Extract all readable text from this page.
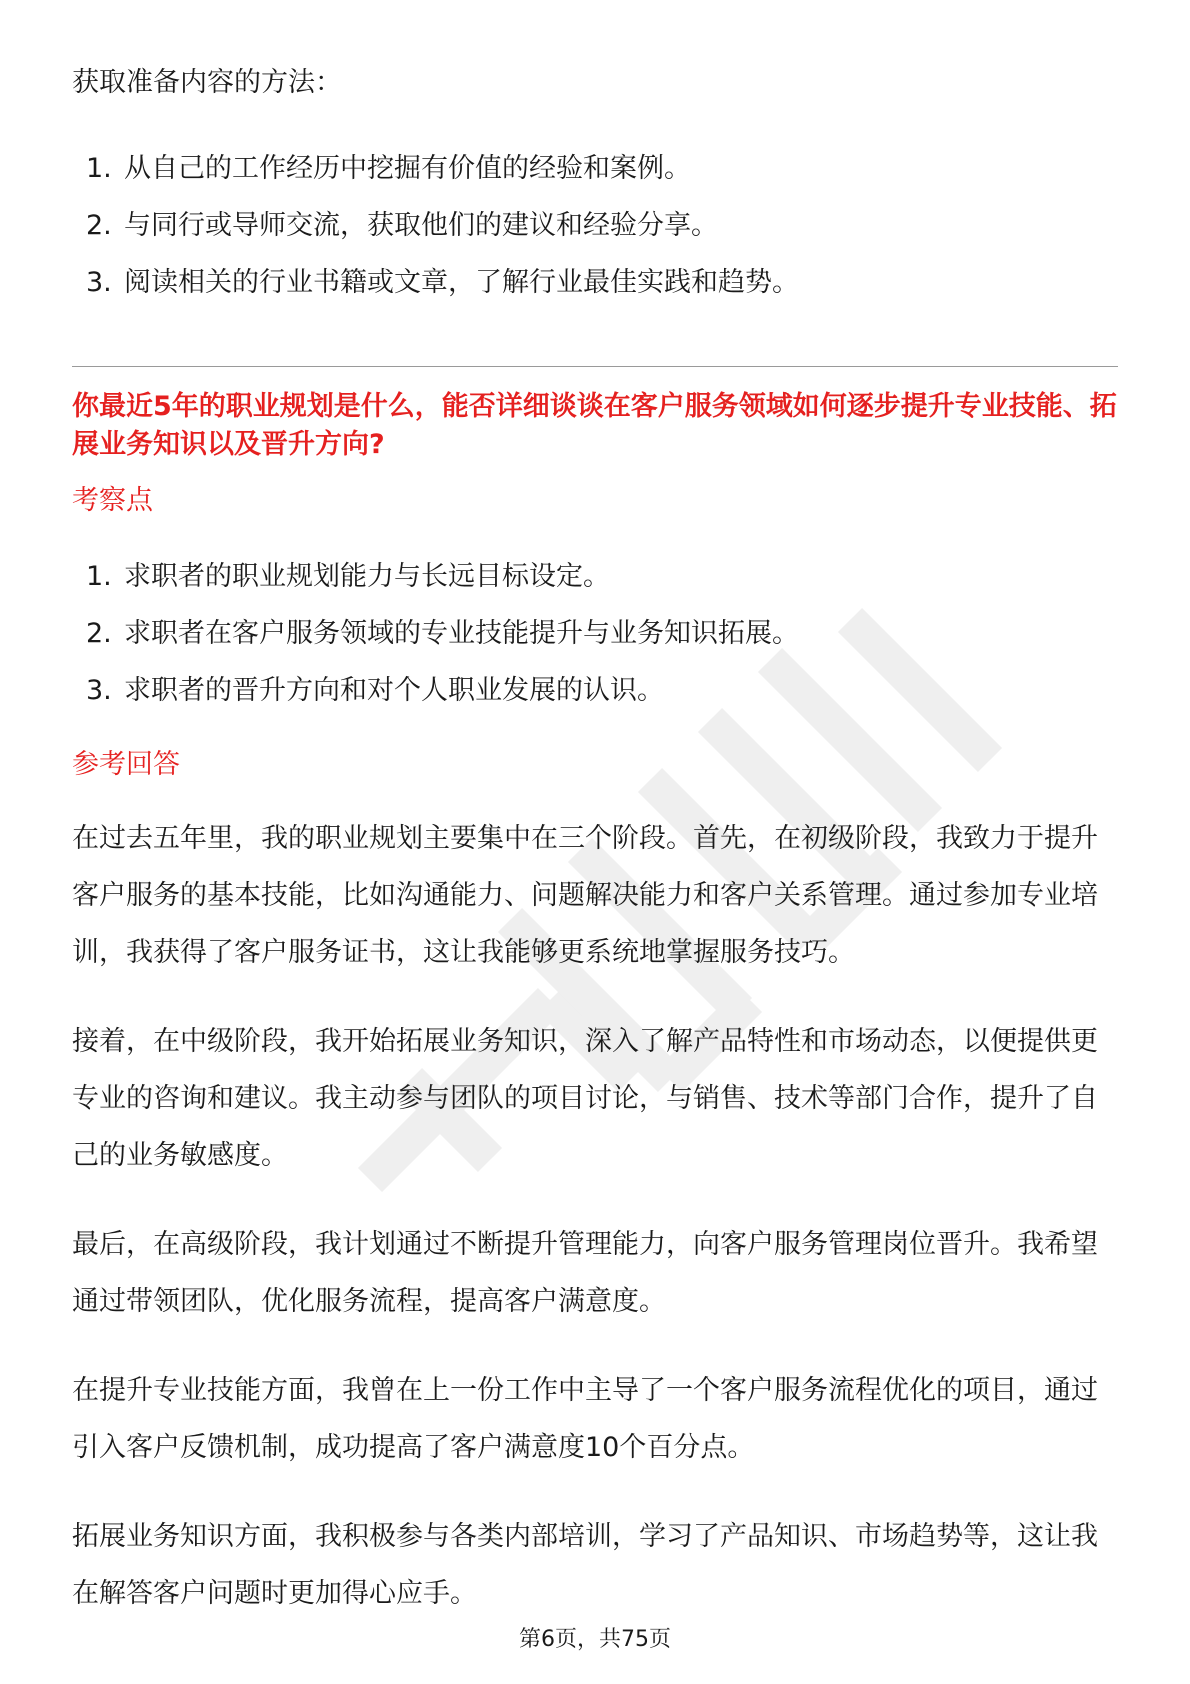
获取准备内容的方法：

1. 从自己的工作经历中挖掘有价值的经验和案例。
2. 与同行或导师交流，获取他们的建议和经验分享。
3. 阅读相关的行业书籍或文章，了解行业最佳实践和趋势。
你最近5年的职业规划是什么，能否详细谈谈在客户服务领域如何逐步提升专业技能、拓展业务知识以及晋升方向?
考察点
1. 求职者的职业规划能力与长远目标设定。
2. 求职者在客户服务领域的专业技能提升与业务知识拓展。
3. 求职者的晋升方向和对个人职业发展的认识。
参考回答

在过去五年里，我的职业规划主要集中在三个阶段。首先，在初级阶段，我致力于提升客户服务的基本技能，比如沟通能力、问题解决能力和客户关系管理。通过参加专业培训，我获得了客户服务证书，这让我能够更系统地掌握服务技巧。

接着，在中级阶段，我开始拓展业务知识，深入了解产品特性和市场动态，以便提供更专业的咨询和建议。我主动参与团队的项目讨论，与销售、技术等部门合作，提升了自己的业务敏感度。

最后，在高级阶段，我计划通过不断提升管理能力，向客户服务管理岗位晋升。我希望通过带领团队，优化服务流程，提高客户满意度。

在提升专业技能方面，我曾在上一份工作中主导了一个客户服务流程优化的项目，通过引入客户反馈机制，成功提高了客户满意度10个百分点。

拓展业务知识方面，我积极参与各类内部培训，学习了产品知识、市场趋势等，这让我在解答客户问题时更加得心应手。

第6页，共75页
